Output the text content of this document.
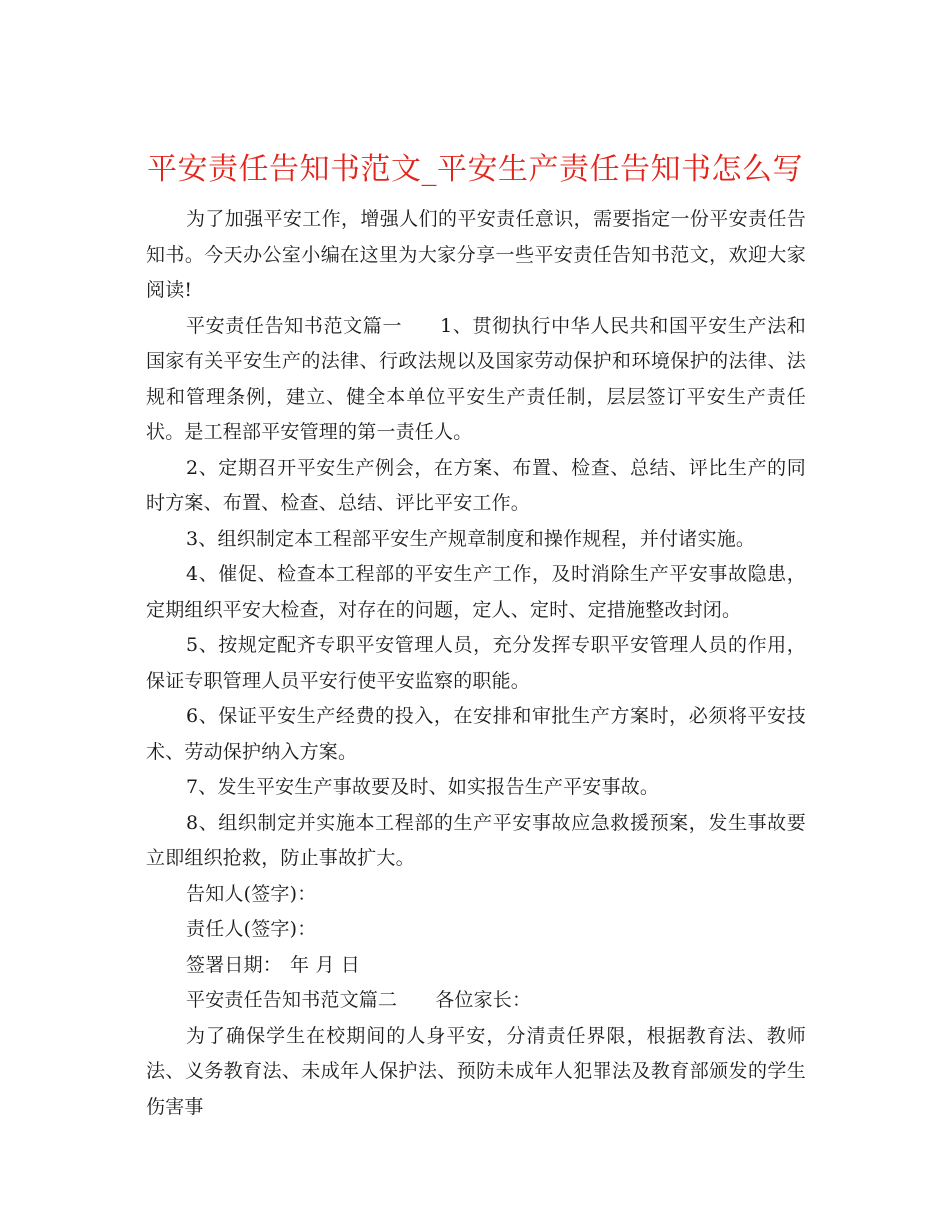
平安责任告知书范文_平安生产责任告知书怎么写

为了加强平安工作，增强人们的平安责任意识，需要指定一份平安责任告知书。今天办公室小编在这里为大家分享一些平安责任告知书范文，欢迎大家阅读!

平安责任告知书范文篇一 1、贯彻执行中华人民共和国平安生产法和国家有关平安生产的法律、行政法规以及国家劳动保护和环境保护的法律、法规和管理条例，建立、健全本单位平安生产责任制，层层签订平安生产责任状。是工程部平安管理的第一责任人。

2、定期召开平安生产例会，在方案、布置、检查、总结、评比生产的同时方案、布置、检查、总结、评比平安工作。

3、组织制定本工程部平安生产规章制度和操作规程，并付诸实施。

4、催促、检查本工程部的平安生产工作，及时消除生产平安事故隐患，定期组织平安大检查，对存在的问题，定人、定时、定措施整改封闭。

5、按规定配齐专职平安管理人员，充分发挥专职平安管理人员的作用，保证专职管理人员平安行使平安监察的职能。

6、保证平安生产经费的投入，在安排和审批生产方案时，必须将平安技术、劳动保护纳入方案。

7、发生平安生产事故要及时、如实报告生产平安事故。

8、组织制定并实施本工程部的生产平安事故应急救援预案，发生事故要立即组织抢救，防止事故扩大。

告知人(签字)：

责任人(签字)：

签署日期： 年 月 日

平安责任告知书范文篇二 各位家长：

为了确保学生在校期间的人身平安，分清责任界限，根据教育法、教师法、义务教育法、未成年人保护法、预防未成年人犯罪法及教育部颁发的学生伤害事
